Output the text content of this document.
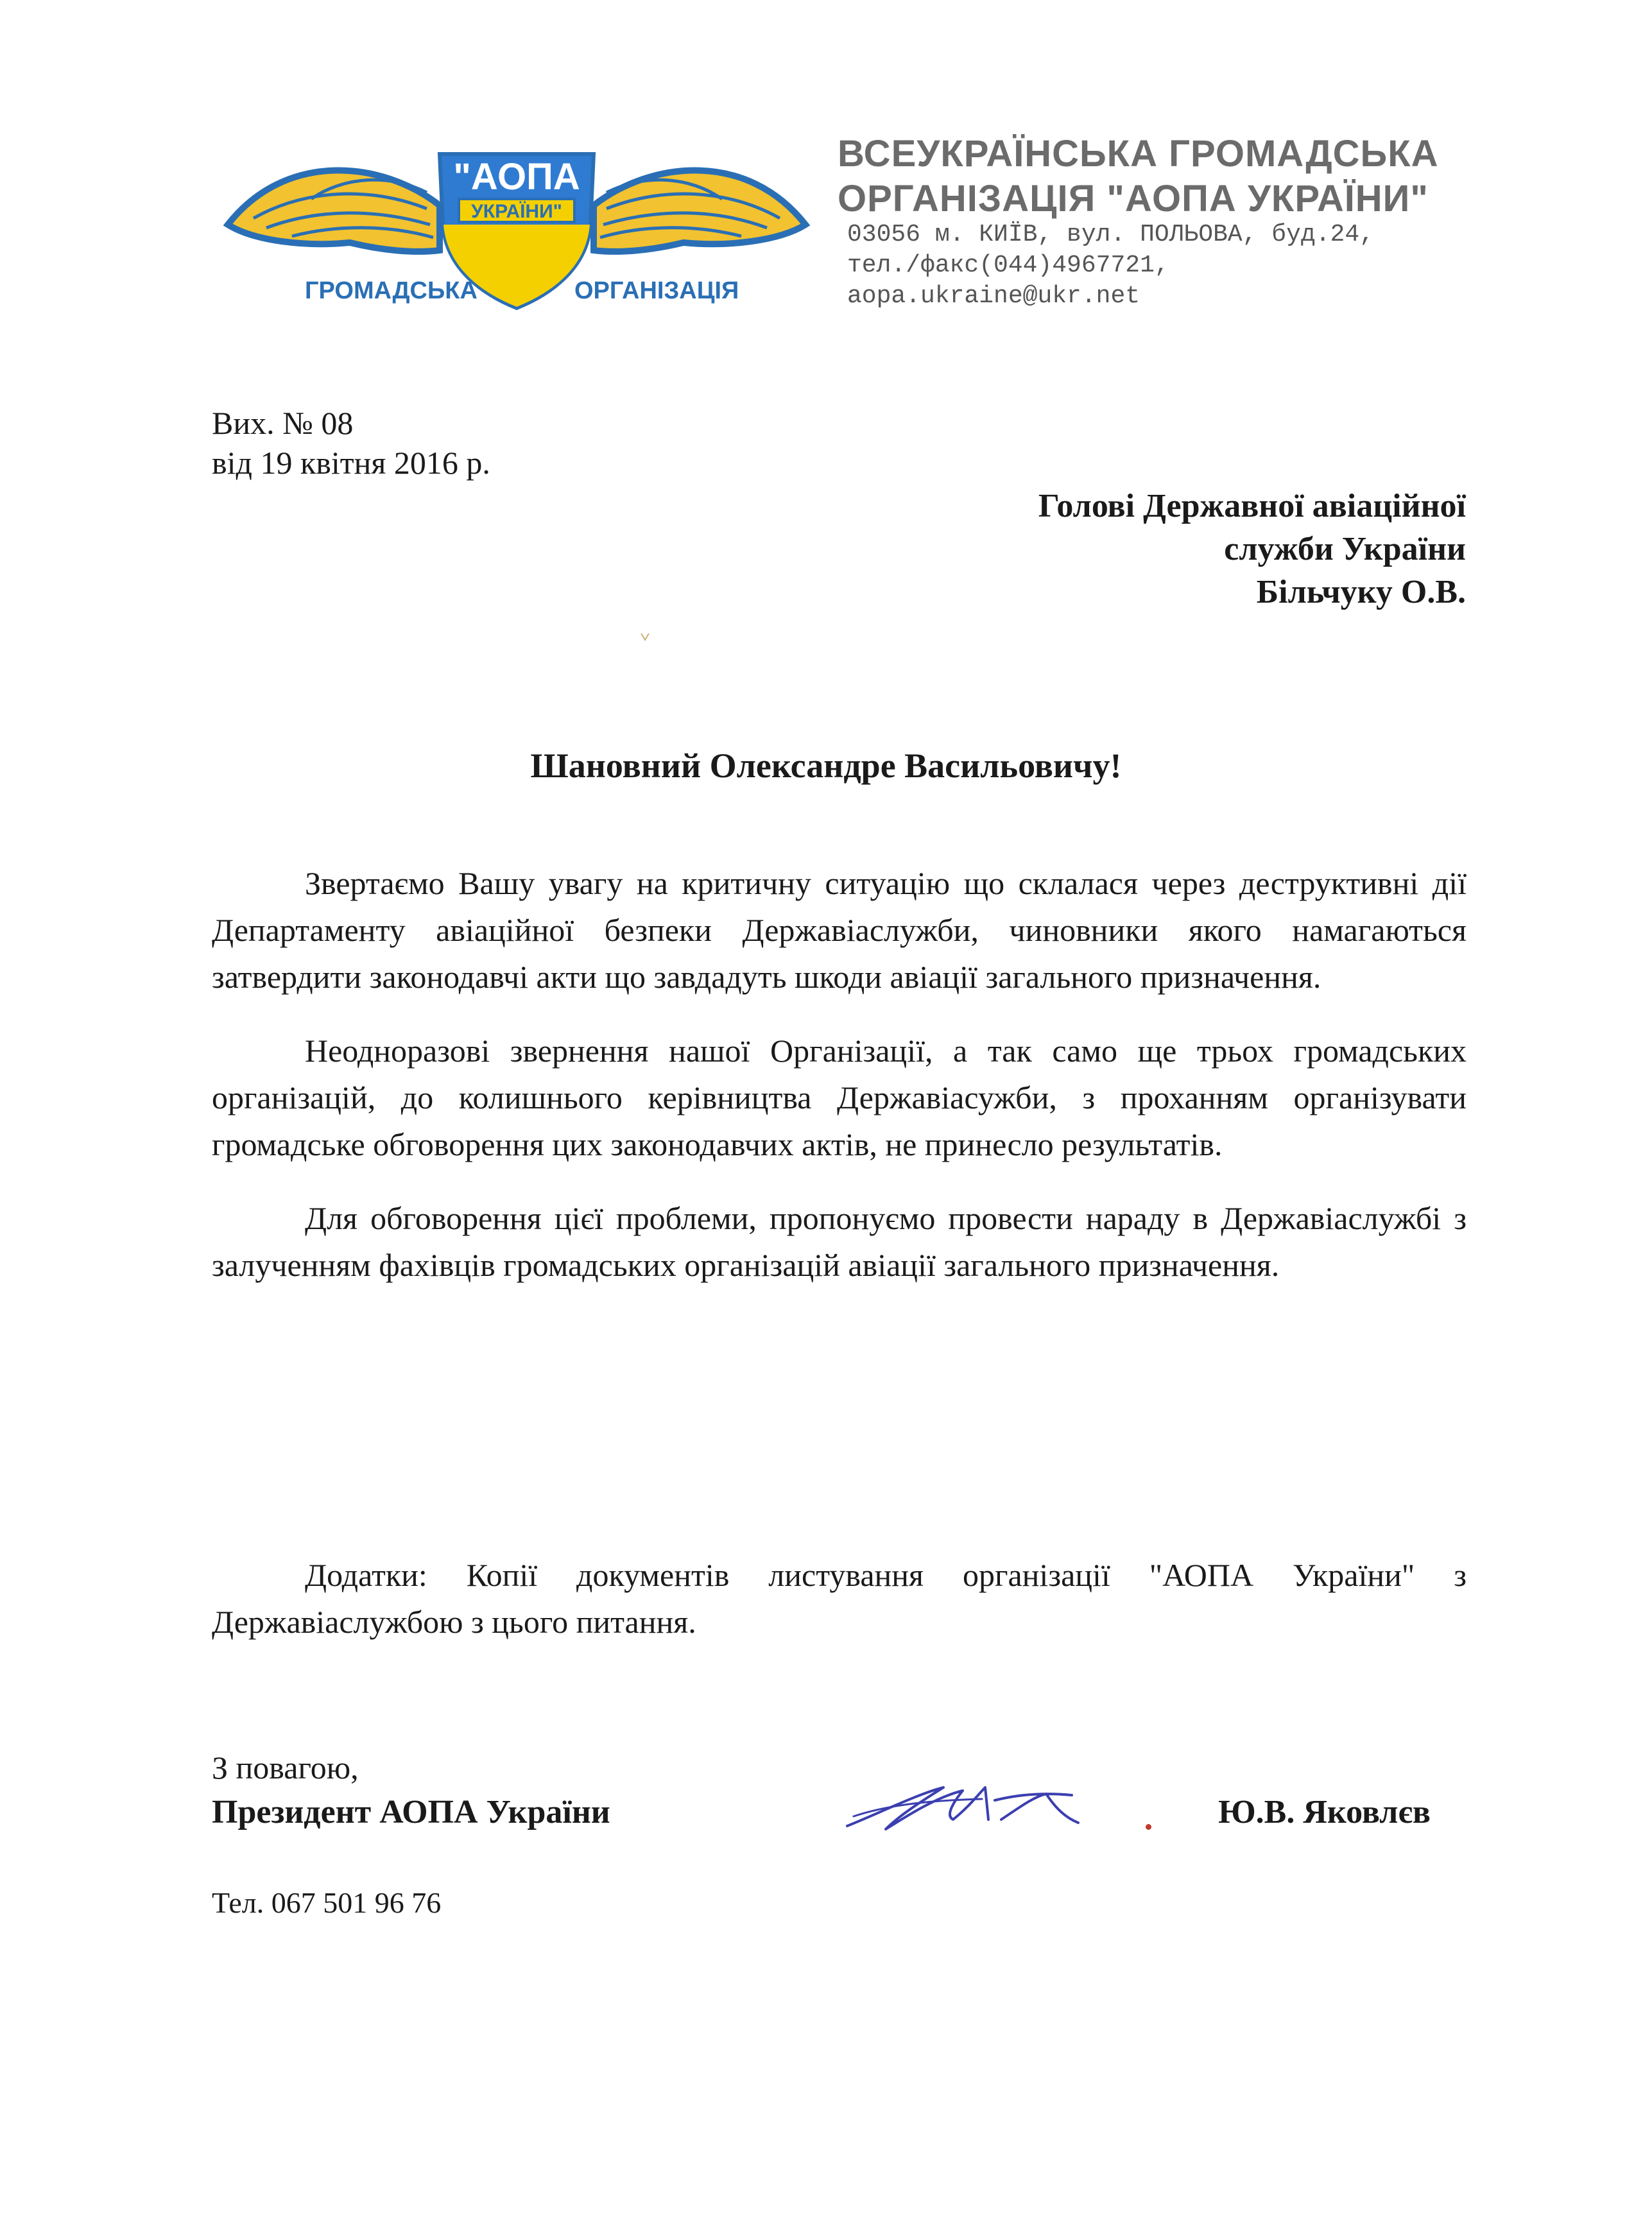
"АОПА
УКРАЇНИ"
ГРОМАДСЬКА	ОРГАНІЗАЦІЯ
ВСЕУКРАЇНСЬКА ГРОМАДСЬКА
ОРГАНІЗАЦІЯ "АОПА УКРАЇНИ"
03056 м. КИЇВ, вул. ПОЛЬОВА, буд.24,
тел./факс(044)4967721,
aopa.ukraine@ukr.net
Вих. № 08
від 19 квітня 2016 р.
Голові Державної авіаційної
служби України
Більчуку О.В.
Шановний Олександре Васильовичу!

Звертаємо Вашу увагу на критичну ситуацію що склалася через деструктивні дії Департаменту авіаційної безпеки Державіаслужби, чиновники якого намагаються затвердити законодавчі акти що завдадуть шкоди авіації загального призначення.

Неодноразові звернення нашої Організації, а так само ще трьох громадських організацій, до колишнього керівництва Державіасужби, з проханням організувати громадське обговорення цих законодавчих актів, не принесло результатів.

Для обговорення цієї проблеми, пропонуємо провести нараду в Державіаслужбі з залученням фахівців громадських організацій авіації загального призначення.

Додатки: Копії документів листування організації "АОПА України" з Державіаслужбою з цього питання.

З повагою,
Президент АОПА України	Ю.В. Яковлєв
Тел. 067 501 96 76
